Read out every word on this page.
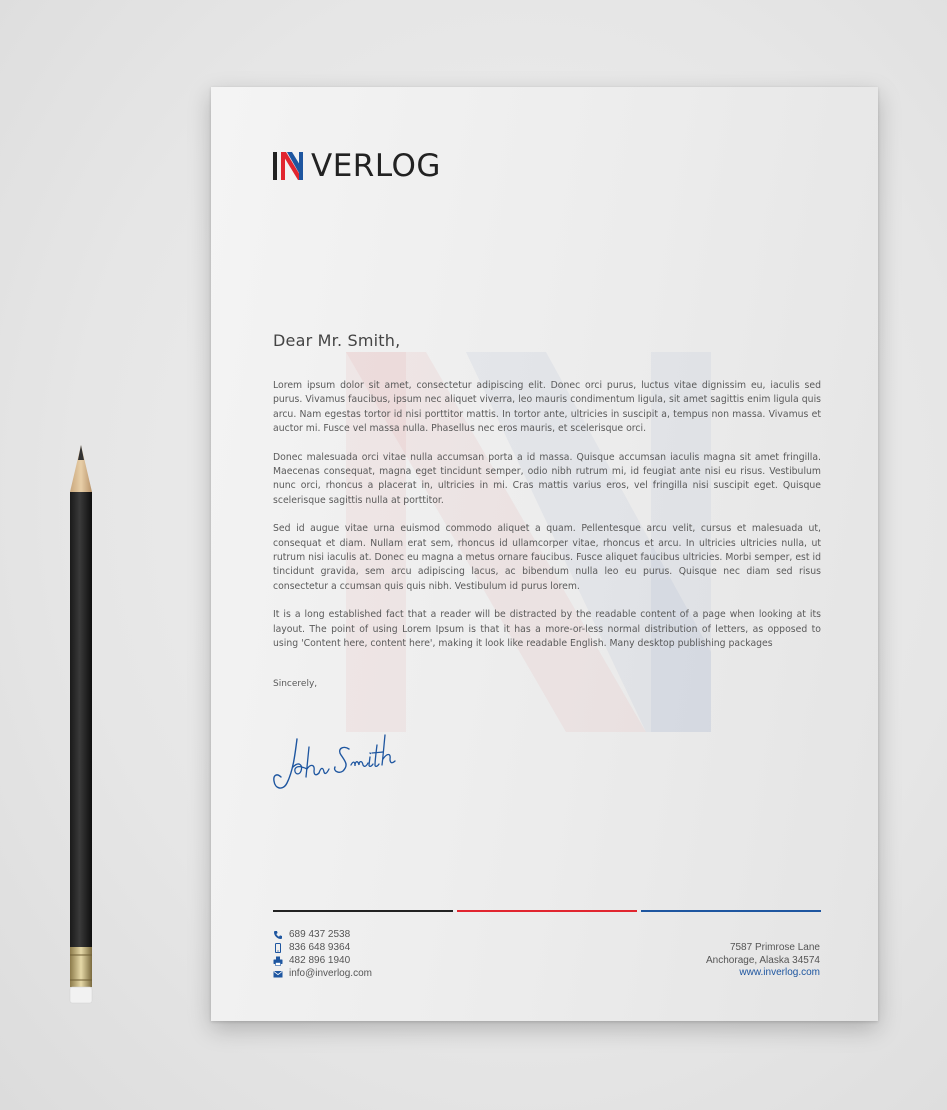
VERLOG
Dear Mr. Smith,

Lorem ipsum dolor sit amet, consectetur adipiscing elit. Donec orci purus, luctus vitae dignissim eu, iaculis sed purus. Vivamus faucibus, ipsum nec aliquet viverra, leo mauris condimentum ligula, sit amet sagittis enim ligula quis arcu. Nam egestas tortor id nisi porttitor mattis. In tortor ante, ultricies in suscipit a, tempus non massa. Vivamus et auctor mi. Fusce vel massa nulla. Phasellus nec eros mauris, et scelerisque orci.

Donec malesuada orci vitae nulla accumsan porta a id massa. Quisque accumsan iaculis magna sit amet fringilla. Maecenas consequat, magna eget tincidunt semper, odio nibh rutrum mi, id feugiat ante nisi eu risus. Vestibulum nunc orci, rhoncus a placerat in, ultricies in mi. Cras mattis varius eros, vel fringilla nisi suscipit eget. Quisque scelerisque sagittis nulla at porttitor.

Sed id augue vitae urna euismod commodo aliquet a quam. Pellentesque arcu velit, cursus et malesuada ut, consequat et diam. Nullam erat sem, rhoncus id ullamcorper vitae, rhoncus et arcu. In ultricies ultricies nulla, ut rutrum nisi iaculis at. Donec eu magna a metus ornare faucibus. Fusce aliquet faucibus ultricies. Morbi semper, est id tincidunt gravida, sem arcu adipiscing lacus, ac bibendum nulla leo eu purus. Quisque nec diam sed risus consectetur a ccumsan quis quis nibh. Vestibulum id purus lorem.

It is a long established fact that a reader will be distracted by the readable content of a page when looking at its layout. The point of using Lorem Ipsum is that it has a more-or-less normal distribution of letters, as opposed to using 'Content here, content here', making it look like readable English. Many desktop publishing packages

Sincerely,
689 437 2538
836 648 9364
482 896 1940
info@inverlog.com
7587 Primrose Lane
Anchorage, Alaska 34574
www.inverlog.com
